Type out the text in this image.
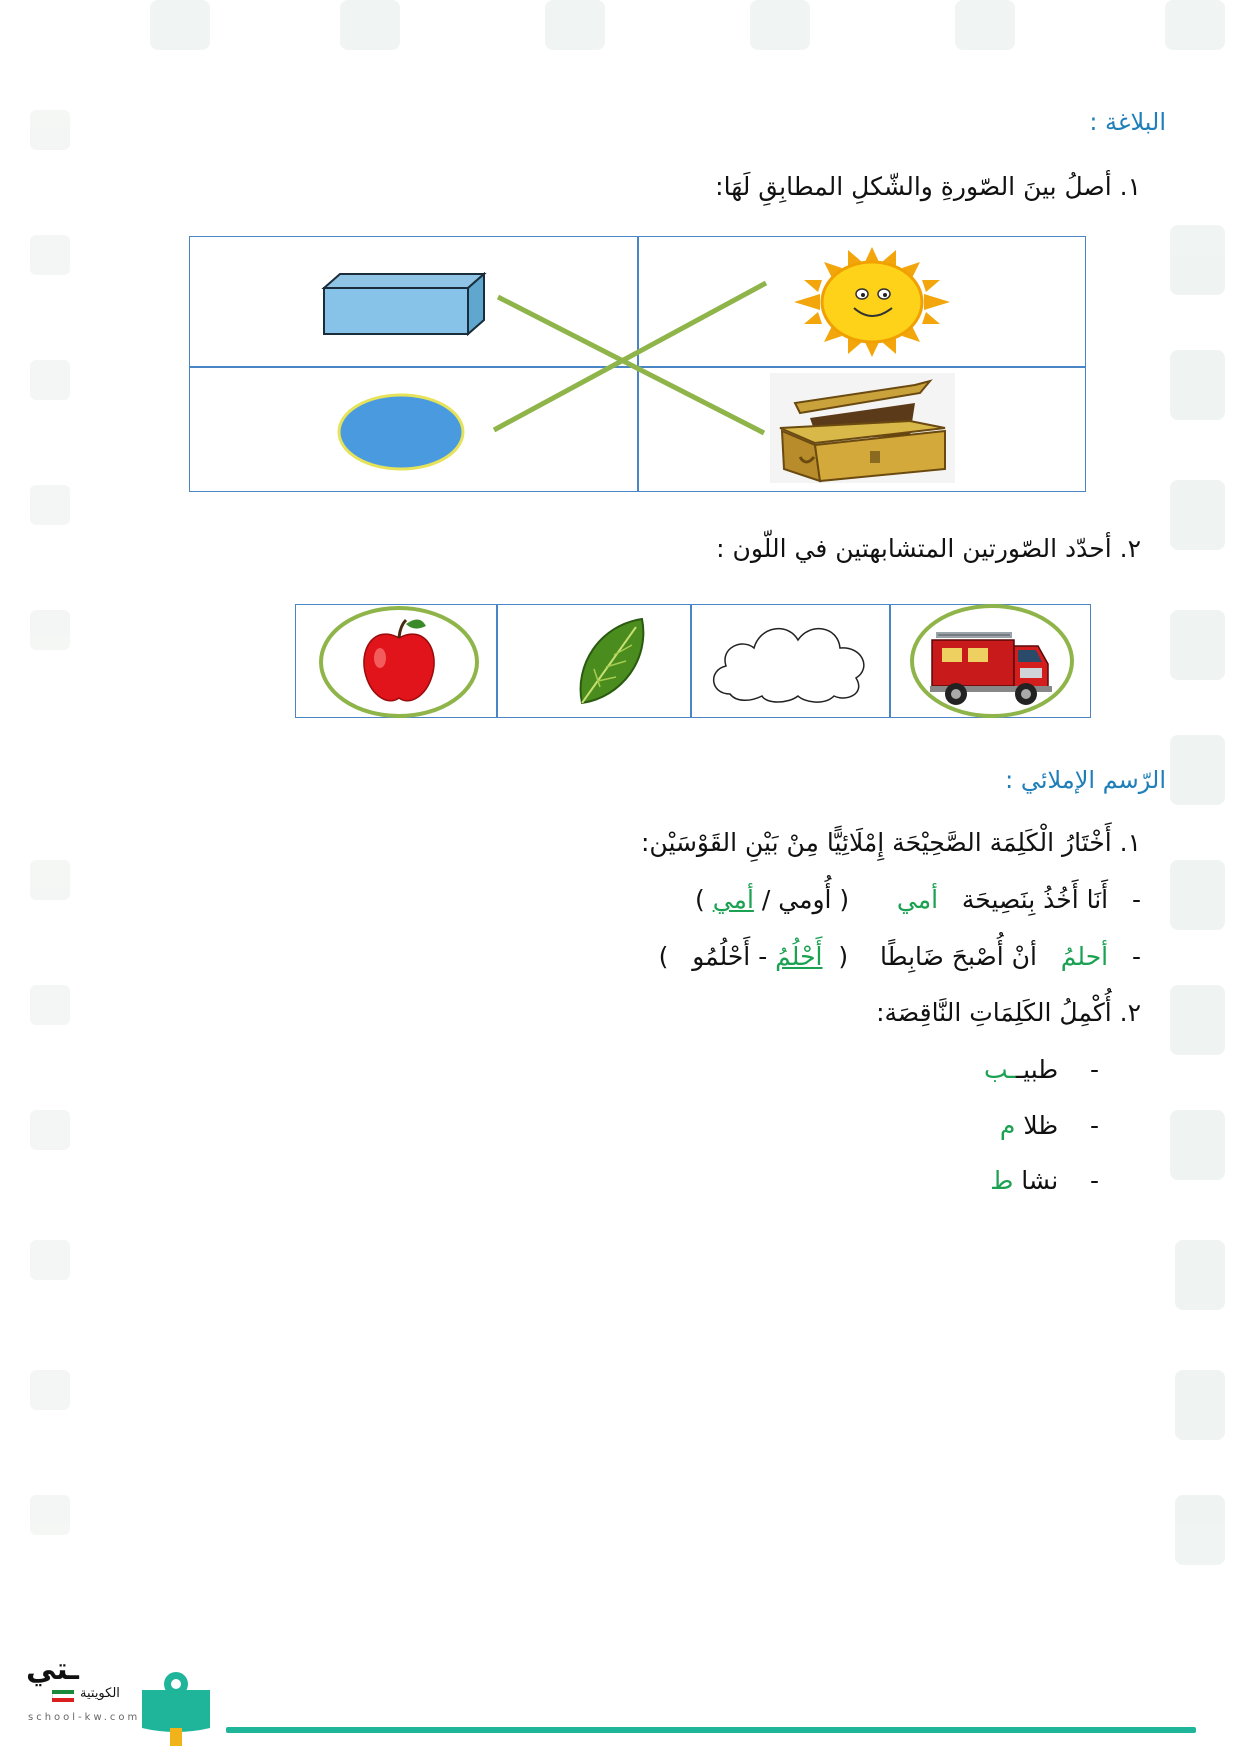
البلاغة :
١. أصلُ بينَ الصّورةِ والشّكلِ المطابِقِ لَهَا:
٢. أحدّد الصّورتين المتشابهتين في اللّون :
الرّسم الإملائي :
١. أَخْتَارُ الْكَلِمَة الصَّحِيْحَة إِمْلَائِيًّا مِنْ بَيْنِ القَوْسَيْن:
-   أَنَا أَخُذُ بِنَصِيحَة   أمي      ( أُومي / أمي )
-   أحلمُ   أنْ أُصْبحَ ضَابِطًا    (  أَحْلُمُ - أَحْلُمُو   )
٢. أُكْمِلُ الكَلِمَاتِ النَّاقِصَة:
-    طبيــب
-    ظلا م
-    نشا ط
ـتي
الكويتية
school-kw.com
